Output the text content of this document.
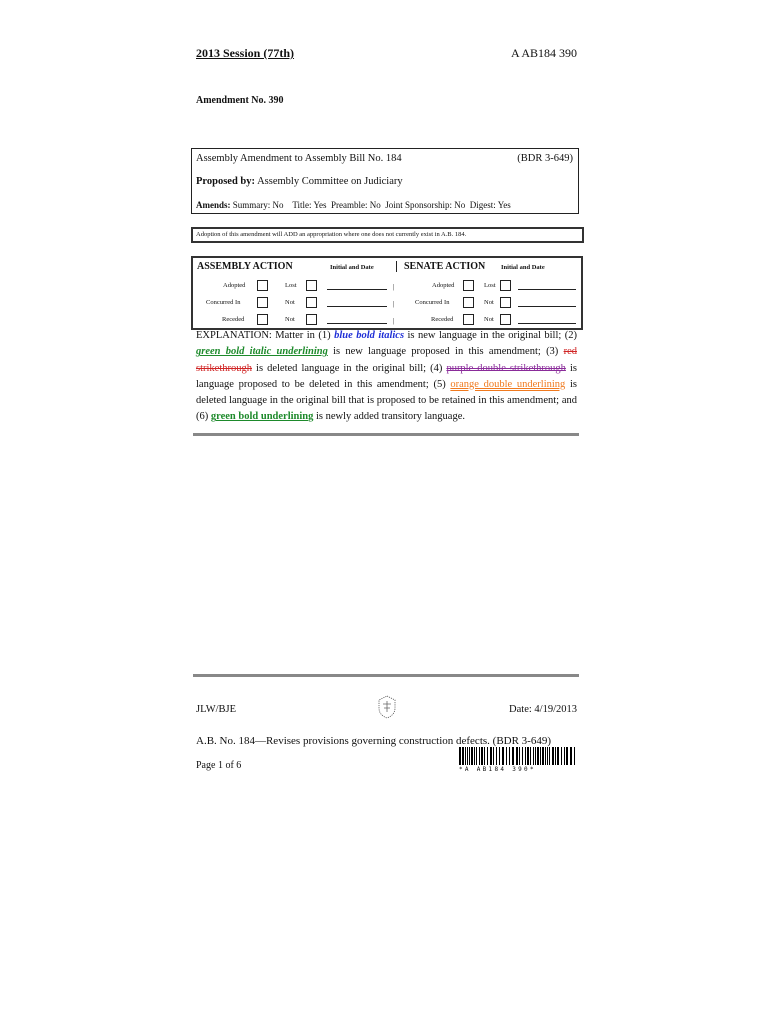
2013 Session (77th)	A AB184 390
Amendment No. 390
Assembly Amendment to Assembly Bill No. 184	(BDR 3-649)
Proposed by: Assembly Committee on Judiciary
Amends: Summary: No    Title: Yes  Preamble: No  Joint Sponsorship: No  Digest: Yes
Adoption of this amendment will ADD an appropriation where one does not currently exist in A.B. 184.
ASSEMBLY ACTION	Initial and Date	SENATE ACTION Initial and Date
Adopted	Lost	|	Adopted	Lost
Concurred In	Not	|	Concurred In	Not
Receded	Not	|	Receded	Not
EXPLANATION: Matter in (1) blue bold italics is new language in the original bill; (2) green bold italic underlining is new language proposed in this amendment; (3) red strikethrough is deleted language in the original bill; (4) purple double strikethrough is language proposed to be deleted in this amendment; (5) orange double underlining is deleted language in the original bill that is proposed to be retained in this amendment; and (6) green bold underlining is newly added transitory language.
JLW/BJE	Date: 4/19/2013
A.B. No. 184—Revises provisions governing construction defects. (BDR 3-649)
Page 1 of 6	*A AB184 390*
